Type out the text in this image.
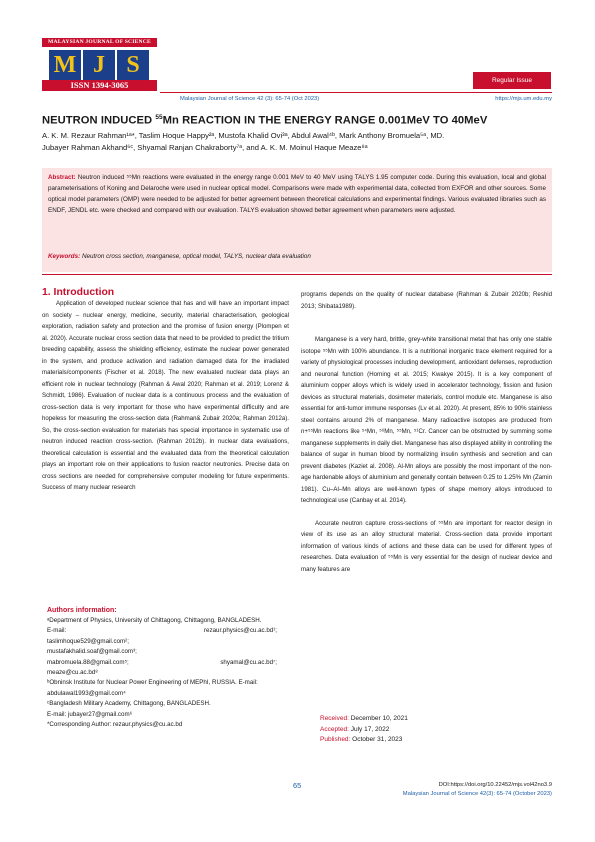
MALAYSIAN JOURNAL OF SCIENCE
M J S
ISSN 1394-3065	Regular Issue
Malaysian Journal of Science 42 (3): 65-74 (Oct 2023)	https://mjs.um.edu.my
NEUTRON INDUCED $^{55}$Mn REACTION IN THE ENERGY RANGE 0.001MeV TO 40MeV
A. K. M. Rezaur Rahman¹ᵃ*, Taslim Hoque Happy²ᵃ, Mustofa Khalid Ovi³ᵃ, Abdul Awal⁴ᵇ, Mark Anthony Bromuela⁵ᵃ, MD.
Jubayer Rahman Akhand⁶ᶜ, Shyamal Ranjan Chakraborty⁷ᵃ, and A. K. M. Moinul Haque Meaze⁸ᵃ
Abstract: Neutron induced ⁵⁵Mn reactions were evaluated in the energy range 0.001 MeV to 40 MeV using TALYS 1.95 computer code. During this evaluation, local and global parameterisations of Koning and Delaroche were used in nuclear optical model. Comparisons were made with experimental data, collected from EXFOR and other sources. Some optical model parameters (OMP) were needed to be adjusted for better agreement between theoretical calculations and experimental findings. Various evaluated libraries such as ENDF, JENDL etc. were checked and compared with our evaluation. TALYS evaluation showed better agreement when parameters were adjusted.
Keywords: Neutron cross section, manganese, optical model, TALYS, nuclear data evaluation
1. Introduction

Application of developed nuclear science that has and will have an important impact on society – nuclear energy, medicine, security, material characterisation, geological exploration, radiation safety and protection and the promise of fusion energy (Plompen et al. 2020). Accurate nuclear cross section data that need to be provided to predict the tritium breeding capability, assess the shielding efficiency, estimate the nuclear power generated in the system, and produce activation and radiation damaged data for the irradiated materials/components (Fischer et al. 2018). The new evaluated nuclear data plays an efficient role in nuclear technology (Rahman & Awal 2020; Rahman et al. 2019; Lorenz & Schmidt, 1986). Evaluation of nuclear data is a continuous process and the evaluation of cross-section data is very important for those who have experimental difficulty and are hopeless for measuring the cross-section data (Rahman& Zubair 2020a; Rahman 2012a). So, the cross-section evaluation for materials has special importance in systematic use of neutron induced reaction cross-section. (Rahman 2012b). In nuclear data evaluations, theoretical calculation is essential and the evaluated data from the theoretical calculation plays an important role on their applications to fusion reactor neutronics. Precise data on cross sections are needed for comprehensive computer modeling for future experiments. Success of many nuclear research

programs depends on the quality of nuclear database (Rahman & Zubair 2020b; Reshid 2013; Shibata1989).

Manganese is a very hard, brittle, grey-white transitional metal that has only one stable isotope ⁵⁵Mn with 100% abundance. It is a nutritional inorganic trace element required for a variety of physiological processes including development, antioxidant defenses, reproduction and neuronal function (Horning et al. 2015; Kwakye 2015). It is a key component of aluminium copper alloys which is widely used in accelerator technology, fission and fusion devices as structural materials, dosimeter materials, control module etc. Manganese is also essential for anti-tumor immune responses (Lv et al. 2020). At present, 85% to 90% stainless steel contains around 2% of manganese. Many radioactive isotopes are produced from n+⁵⁵Mn reactions like ⁵⁴Mn, ⁵⁶Mn, ⁵⁵Mn, ⁵¹Cr. Cancer can be obstructed by summing some manganese supplements in daily diet. Manganese has also displayed ability in controlling the balance of sugar in human blood by normalizing insulin synthesis and secretion and can prevent diabetes (Kaziet al. 2008). Al-Mn alloys are possibly the most important of the non-age hardenable alloys of aluminium and generally contain between 0.25 to 1.25% Mn (Zamin 1981). Cu–Al–Mn alloys are well-known types of shape memory alloys introduced to technological use (Canbay et al. 2014).

Accurate neutron capture cross-sections of ⁵⁵Mn are important for reactor design in view of its use as an alloy structural material. Cross-section data provide important information of various kinds of actions and these data can be used for different types of researches. Data evaluation of ⁵⁵Mn is very essential for the design of nuclear device and many features are

Authors information:
ᵃDepartment of Physics, University of Chittagong, Chittagong, BANGLADESH.
E-mail:	rezaur.physics@cu.ac.bd¹;
taslimhoque529@gmail.com²;
mustafakhalid.soaf@gmail.com³;
mabromuela.88@gmail.com⁵;	shyamal@cu.ac.bd⁷;
meaze@cu.ac.bd⁸
ᵇObninsk Institute for Nuclear Power Engineering of MEPhI, RUSSIA. E-mail: abdulawal1993@gmail.com⁴
ᶜBangladesh Military Academy, Chittagong, BANGLADESH.
E-mail: jubayer27@gmail.com⁶
*Corresponding Author: rezaur.physics@cu.ac.bd
Received: December 10, 2021
Accepted: July 17, 2022
Published: October 31, 2023
65	DOI:https://doi.org/10.22452/mjs.vol42no3.9
Malaysian Journal of Science 42(3): 65-74 (October 2023)
